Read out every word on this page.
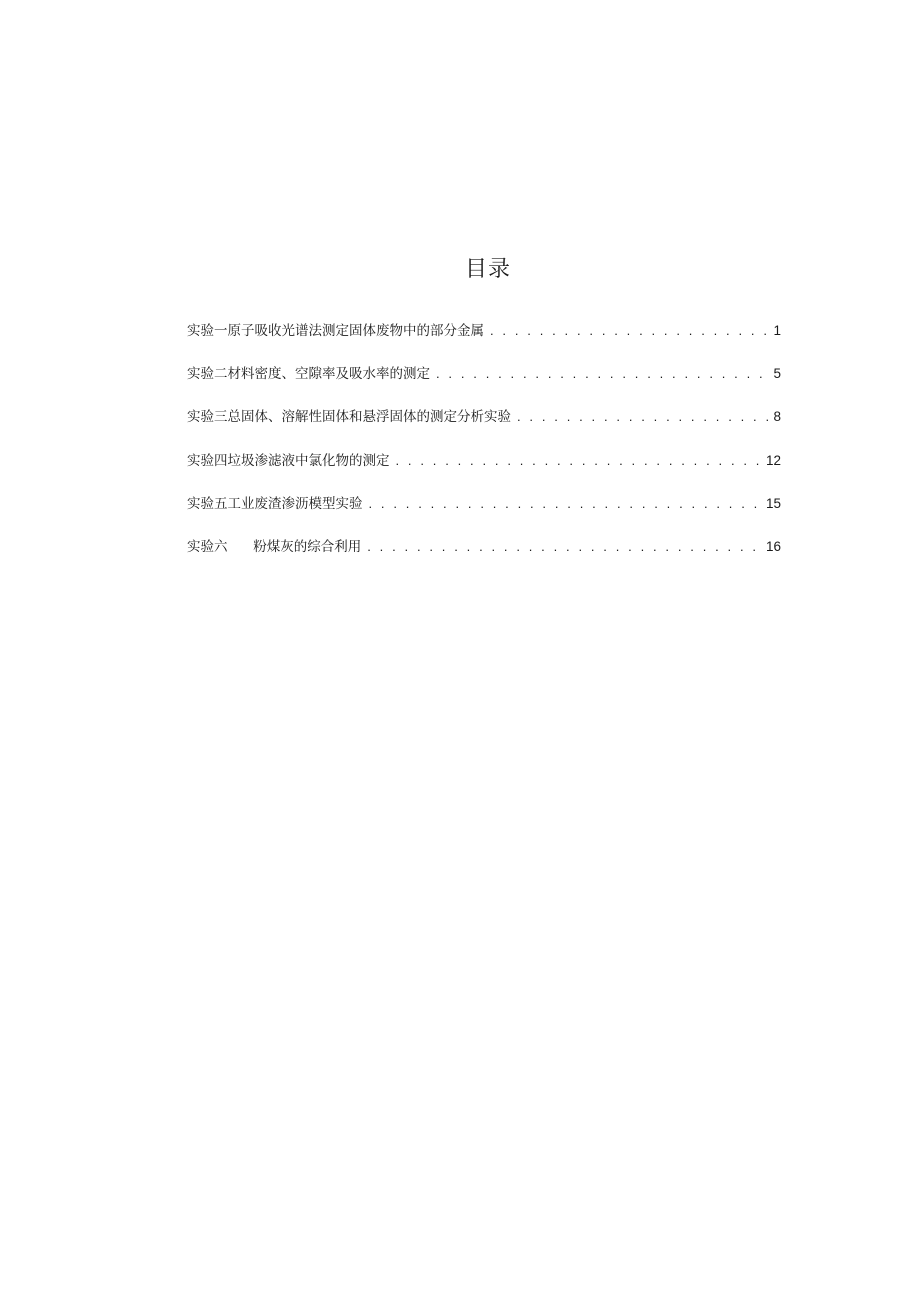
目录
实验一原子吸收光谱法测定固体废物中的部分金属 . . .	1
实验二材料密度、空隙率及吸水率的测定 . . .	5
实验三总固体、溶解性固体和悬浮固体的测定分析实验 . . .	8
实验四垃圾渗滤液中氯化物的测定 . . .	12
实验五工业废渣渗沥模型实验 . . .	15
实验六      粉煤灰的综合利用 . . .	16
